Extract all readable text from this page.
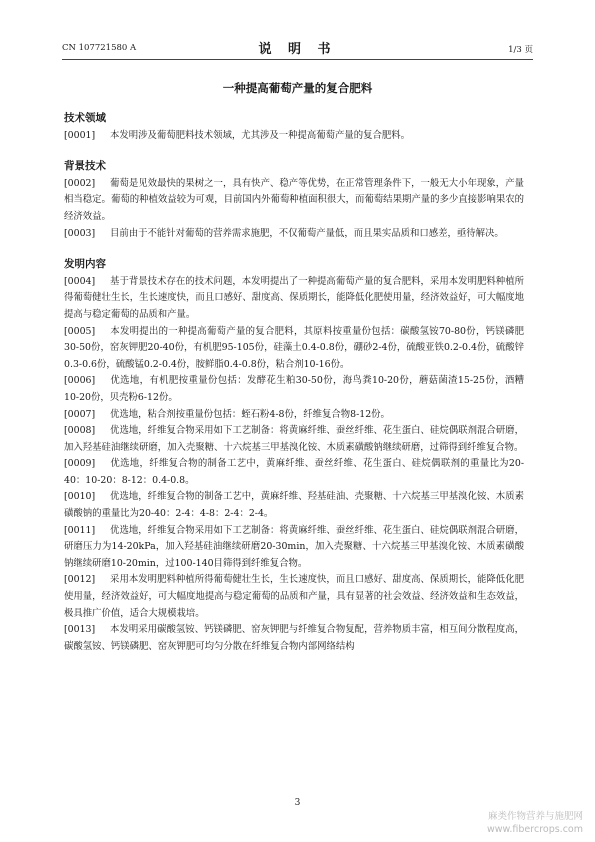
CN 107721580 A	说 明 书	1/3 页
一种提高葡萄产量的复合肥料
技术领域

[0001] 本发明涉及葡萄肥料技术领域，尤其涉及一种提高葡萄产量的复合肥料。

背景技术

[0002] 葡萄是见效最快的果树之一，具有快产、稳产等优势，在正常管理条件下，一般无大小年现象，产量相当稳定。葡萄的种植效益较为可观，目前国内外葡萄种植面积很大，而葡萄结果期产量的多少直接影响果农的经济效益。

[0003] 目前由于不能针对葡萄的营养需求施肥，不仅葡萄产量低，而且果实品质和口感差，亟待解决。

发明内容

[0004] 基于背景技术存在的技术问题，本发明提出了一种提高葡萄产量的复合肥料，采用本发明肥料种植所得葡萄健壮生长，生长速度快，而且口感好、甜度高、保质期长，能降低化肥使用量，经济效益好，可大幅度地提高与稳定葡萄的品质和产量。

[0005] 本发明提出的一种提高葡萄产量的复合肥料，其原料按重量份包括：碳酸氢铵70-80份，钙镁磷肥30-50份，窑灰钾肥20-40份，有机肥95-105份，硅藻土0.4-0.8份，硼砂2-4份，硫酸亚铁0.2-0.4份，硫酸锌0.3-0.6份，硫酸锰0.2-0.4份，胺鲜脂0.4-0.8份，粘合剂10-16份。

[0006] 优选地，有机肥按重量份包括：发酵花生粕30-50份，海鸟粪10-20份，蘑菇菌渣15-25份，酒糟10-20份，贝壳粉6-12份。

[0007] 优选地，粘合剂按重量份包括：蛭石粉4-8份，纤维复合物8-12份。

[0008] 优选地，纤维复合物采用如下工艺制备：将黄麻纤维、蚕丝纤维、花生蛋白、硅烷偶联剂混合研磨，加入羟基硅油继续研磨，加入壳聚糖、十六烷基三甲基溴化铵、木质素磺酸钠继续研磨，过筛得到纤维复合物。

[0009] 优选地，纤维复合物的制备工艺中，黄麻纤维、蚕丝纤维、花生蛋白、硅烷偶联剂的重量比为20-40：10-20：8-12：0.4-0.8。

[0010] 优选地，纤维复合物的制备工艺中，黄麻纤维、羟基硅油、壳聚糖、十六烷基三甲基溴化铵、木质素磺酸钠的重量比为20-40：2-4：4-8：2-4：2-4。

[0011] 优选地，纤维复合物采用如下工艺制备：将黄麻纤维、蚕丝纤维、花生蛋白、硅烷偶联剂混合研磨，研磨压力为14-20kPa，加入羟基硅油继续研磨20-30min，加入壳聚糖、十六烷基三甲基溴化铵、木质素磺酸钠继续研磨10-20min，过100-140目筛得到纤维复合物。

[0012] 采用本发明肥料种植所得葡萄健壮生长，生长速度快，而且口感好、甜度高、保质期长，能降低化肥使用量，经济效益好，可大幅度地提高与稳定葡萄的品质和产量，具有显著的社会效益、经济效益和生态效益，极具推广价值，适合大规模栽培。

[0013] 本发明采用碳酸氢铵、钙镁磷肥、窑灰钾肥与纤维复合物复配，营养物质丰富，相互间分散程度高，碳酸氢铵、钙镁磷肥、窑灰钾肥可均匀分散在纤维复合物内部网络结构

3
麻类作物营养与施肥网
www.fibercrops.com
